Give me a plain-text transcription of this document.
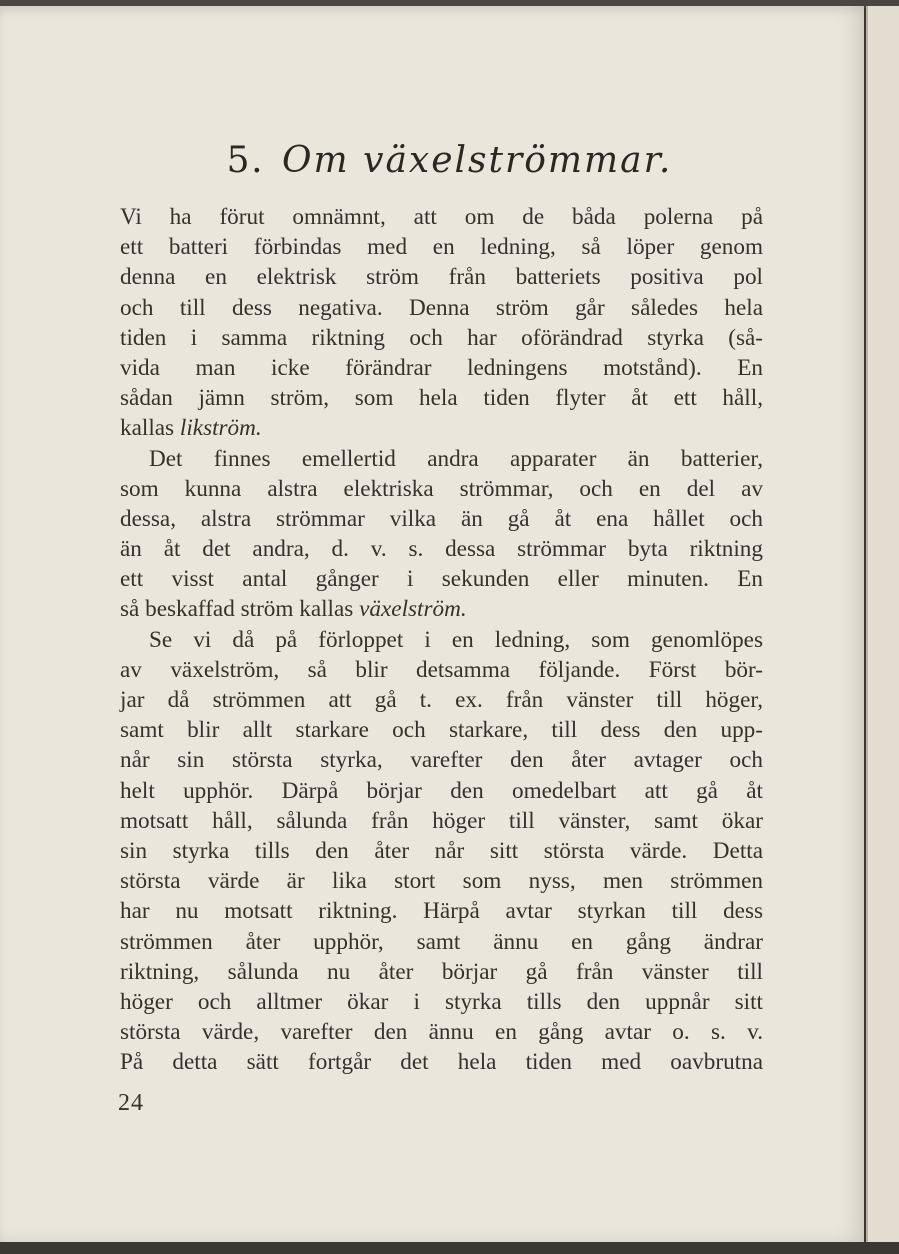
5. Om växelströmmar.
Vi ha förut omnämnt, att om de båda polerna på
ett batteri förbindas med en ledning, så löper genom
denna en elektrisk ström från batteriets positiva pol
och till dess negativa. Denna ström går således hela
tiden i samma riktning och har oförändrad styrka (så-
vida man icke förändrar ledningens motstånd). En
sådan jämn ström, som hela tiden flyter åt ett håll,
kallas likström.
Det finnes emellertid andra apparater än batterier,
som kunna alstra elektriska strömmar, och en del av
dessa, alstra strömmar vilka än gå åt ena hållet och
än åt det andra, d. v. s. dessa strömmar byta riktning
ett visst antal gånger i sekunden eller minuten. En
så beskaffad ström kallas växelström.
Se vi då på förloppet i en ledning, som genomlöpes
av växelström, så blir detsamma följande. Först bör-
jar då strömmen att gå t. ex. från vänster till höger,
samt blir allt starkare och starkare, till dess den upp-
når sin största styrka, varefter den åter avtager och
helt upphör. Därpå börjar den omedelbart att gå åt
motsatt håll, sålunda från höger till vänster, samt ökar
sin styrka tills den åter når sitt största värde. Detta
största värde är lika stort som nyss, men strömmen
har nu motsatt riktning. Härpå avtar styrkan till dess
strömmen åter upphör, samt ännu en gång ändrar
riktning, sålunda nu åter börjar gå från vänster till
höger och alltmer ökar i styrka tills den uppnår sitt
största värde, varefter den ännu en gång avtar o. s. v.
På detta sätt fortgår det hela tiden med oavbrutna
24
